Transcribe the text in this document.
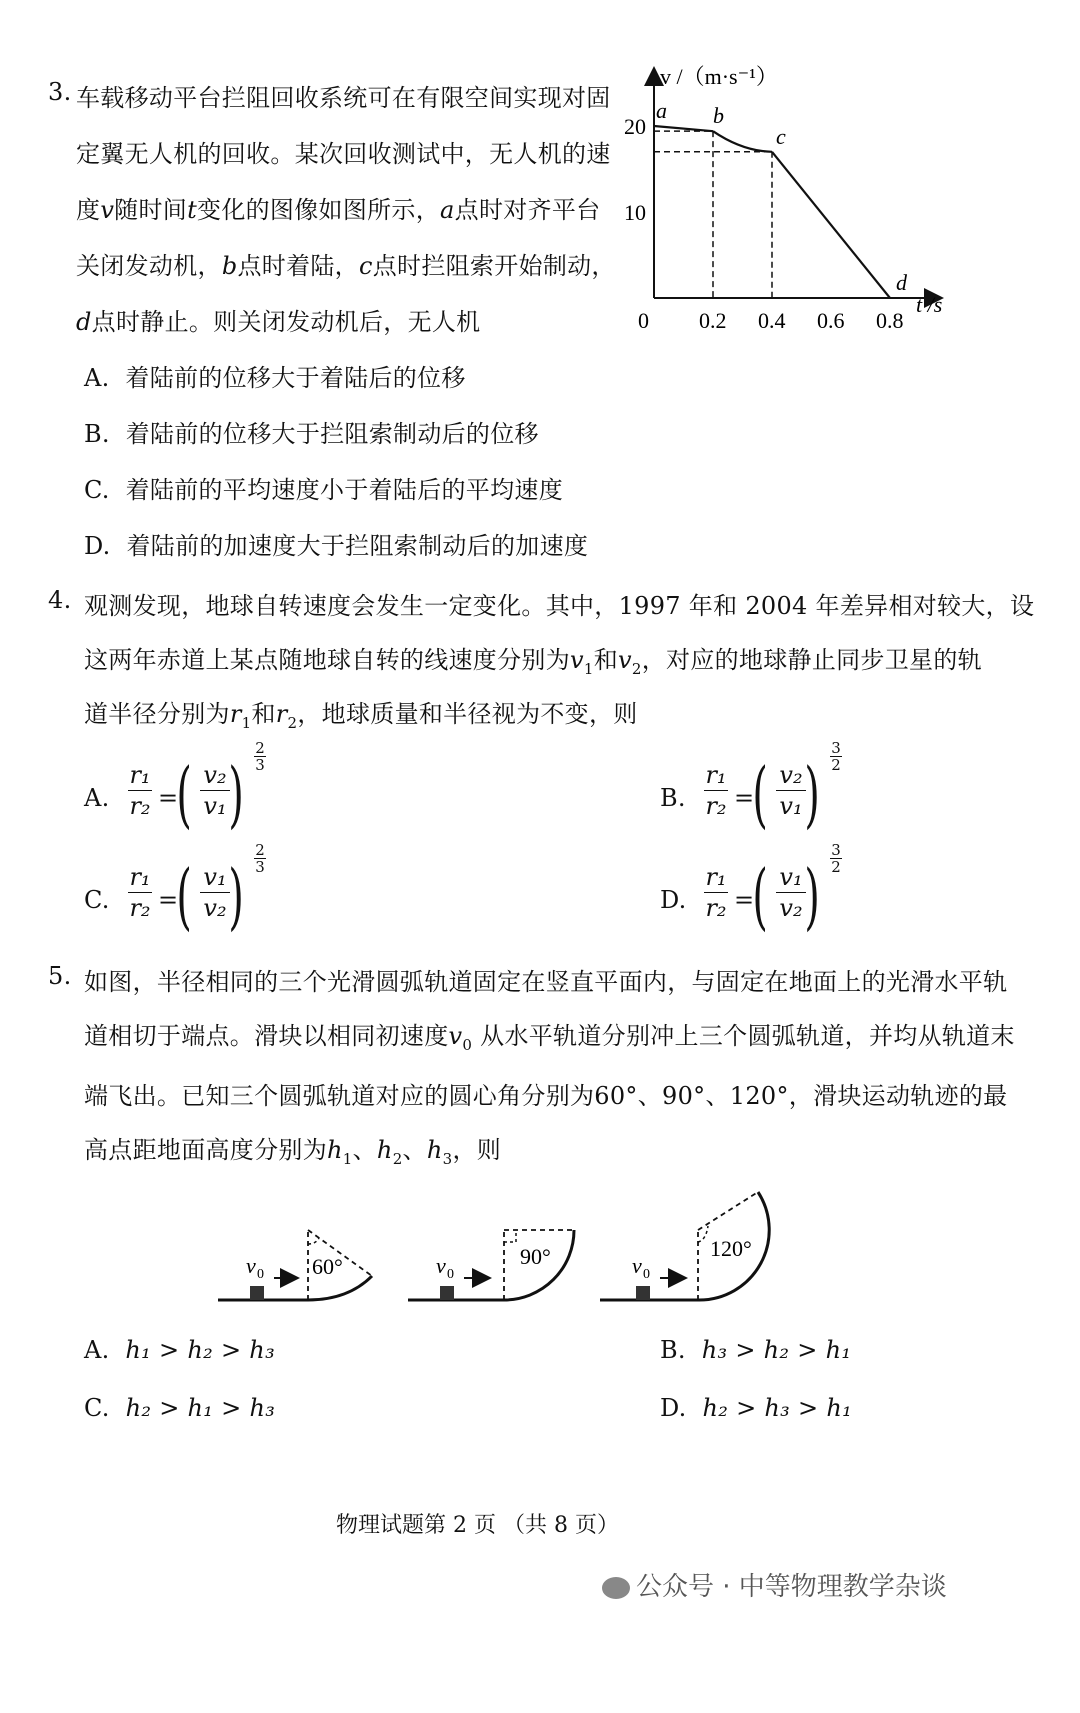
3. 车载移动平台拦阻回收系统可在有限空间实现对固
定翼无人机的回收。某次回收测试中，无人机的速
度v随时间t变化的图像如图所示，a点时对齐平台
关闭发动机，b点时着陆，c点时拦阻索开始制动，
d点时静止。则关闭发动机后，无人机
v /（m·s⁻¹）
t /s
0 0.2 0.4 0.6 0.8
10
20
a b
c
d
A. 着陆前的位移大于着陆后的位移
B. 着陆前的位移大于拦阻索制动后的位移
C. 着陆前的平均速度小于着陆后的平均速度
D. 着陆前的加速度大于拦阻索制动后的加速度
4. 观测发现，地球自转速度会发生一定变化。其中，1997 年和 2004 年差异相对较大，设
这两年赤道上某点随地球自转的线速度分别为$v_1$和$v_2$，对应的地球静止同步卫星的轨
道半径分别为$r_1$和$r_2$，地球质量和半径视为不变，则
A.
r₁
r₂ =
( v₂
v₁ )
2
3
B.
r₁
r₂ =
( v₂
v₁ )
3
2
C.
r₁
r₂ =
( v₁
v₂ )
2
3
D.
r₁
r₂ =
( v₁
v₂ )
3
2
5. 如图，半径相同的三个光滑圆弧轨道固定在竖直平面内，与固定在地面上的光滑水平轨
道相切于端点。滑块以相同初速度$v_0$ 从水平轨道分别冲上三个圆弧轨道，并均从轨道末
端飞出。已知三个圆弧轨道对应的圆心角分别为60°、90°、120°，滑块运动轨迹的最
高点距地面高度分别为$h_1$、$h_2$、$h_3$，则
v 0 60°	v 0
90°	v 0
120°
A. h₁ > h₂ > h₃	B. h₃ > h₂ > h₁
C. h₂ > h₁ > h₃	D. h₂ > h₃ > h₁
物理试题第 2 页 （共 8 页）
公众号 · 中等物理教学杂谈
